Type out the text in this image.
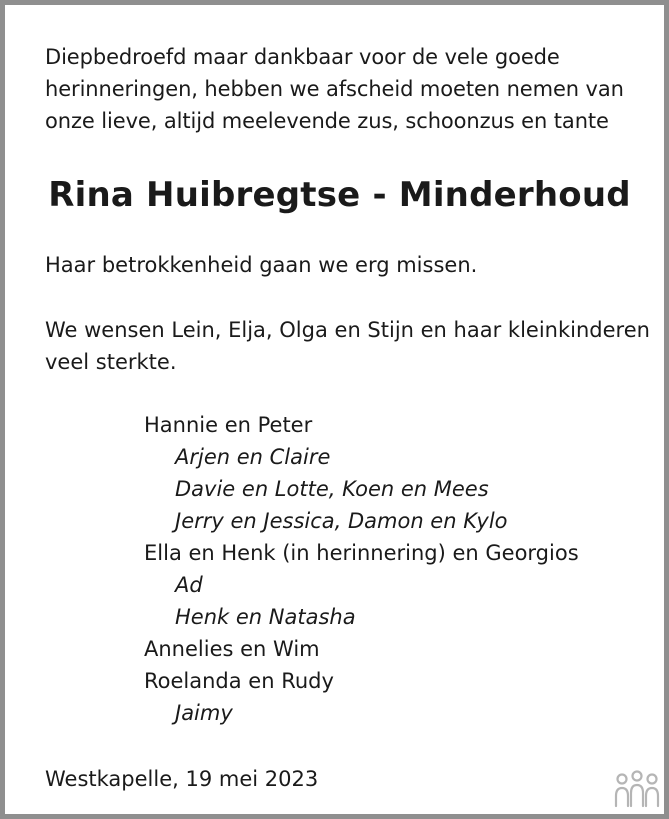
Diepbedroefd maar dankbaar voor de vele goede
herinneringen, hebben we afscheid moeten nemen van
onze lieve, altijd meelevende zus, schoonzus en tante

Rina Huibregtse - Minderhoud

Haar betrokkenheid gaan we erg missen.

We wensen Lein, Elja, Olga en Stijn en haar kleinkinderen
veel sterkte.

Hannie en Peter
Arjen en Claire
Davie en Lotte, Koen en Mees
Jerry en Jessica, Damon en Kylo
Ella en Henk (in herinnering) en Georgios
Ad
Henk en Natasha
Annelies en Wim
Roelanda en Rudy
Jaimy

Westkapelle, 19 mei 2023
